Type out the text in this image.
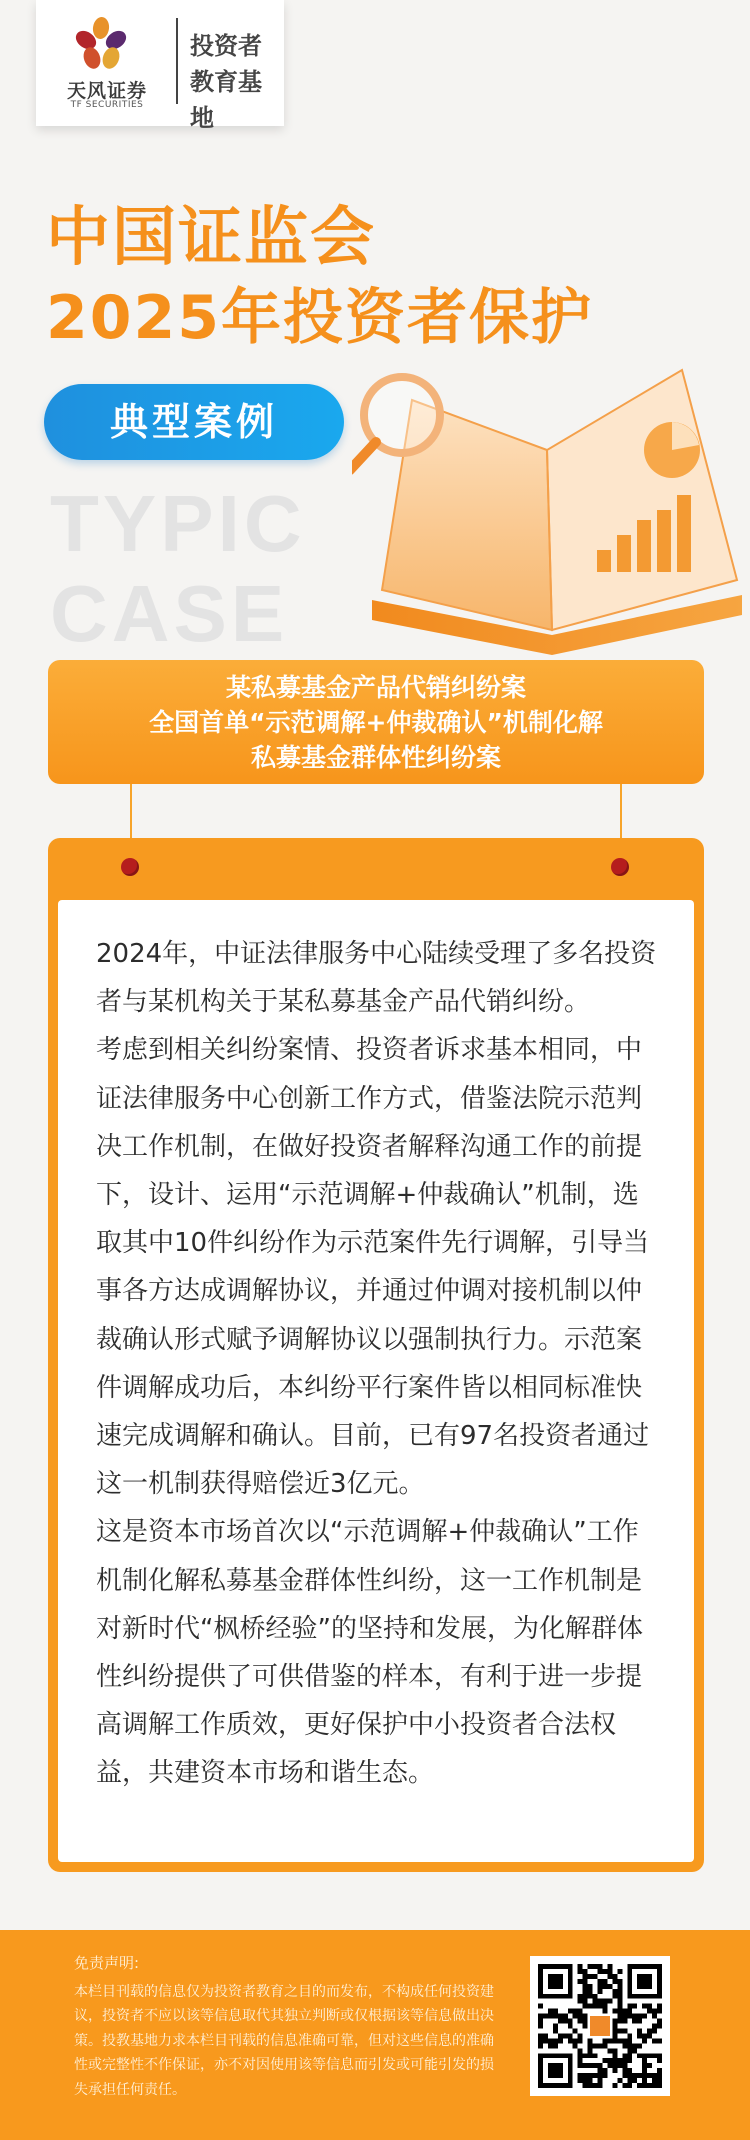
天风证券
TF SECURITIES
投资者
教育基地
中国证监会
2025年投资者保护
典型案例
TYPIC
CASE
某私募基金产品代销纠纷案
全国首单“示范调解+仲裁确认”机制化解
私募基金群体性纠纷案

2024年，中证法律服务中心陆续受理了多名投资者与某机构关于某私募基金产品代销纠纷。

考虑到相关纠纷案情、投资者诉求基本相同，中证法律服务中心创新工作方式，借鉴法院示范判决工作机制，在做好投资者解释沟通工作的前提下，设计、运用“示范调解+仲裁确认”机制，选取其中10件纠纷作为示范案件先行调解，引导当事各方达成调解协议，并通过仲调对接机制以仲裁确认形式赋予调解协议以强制执行力。示范案件调解成功后，本纠纷平行案件皆以相同标准快速完成调解和确认。目前，已有97名投资者通过这一机制获得赔偿近3亿元。

这是资本市场首次以“示范调解+仲裁确认”工作机制化解私募基金群体性纠纷，这一工作机制是对新时代“枫桥经验”的坚持和发展，为化解群体性纠纷提供了可供借鉴的样本，有利于进一步提高调解工作质效，更好保护中小投资者合法权益，共建资本市场和谐生态。

免责声明:
本栏目刊载的信息仅为投资者教育之目的而发布，不构成任何投资建议，投资者不应以该等信息取代其独立判断或仅根据该等信息做出决策。投教基地力求本栏目刊载的信息准确可靠，但对这些信息的准确性或完整性不作保证，亦不对因使用该等信息而引发或可能引发的损失承担任何责任。
